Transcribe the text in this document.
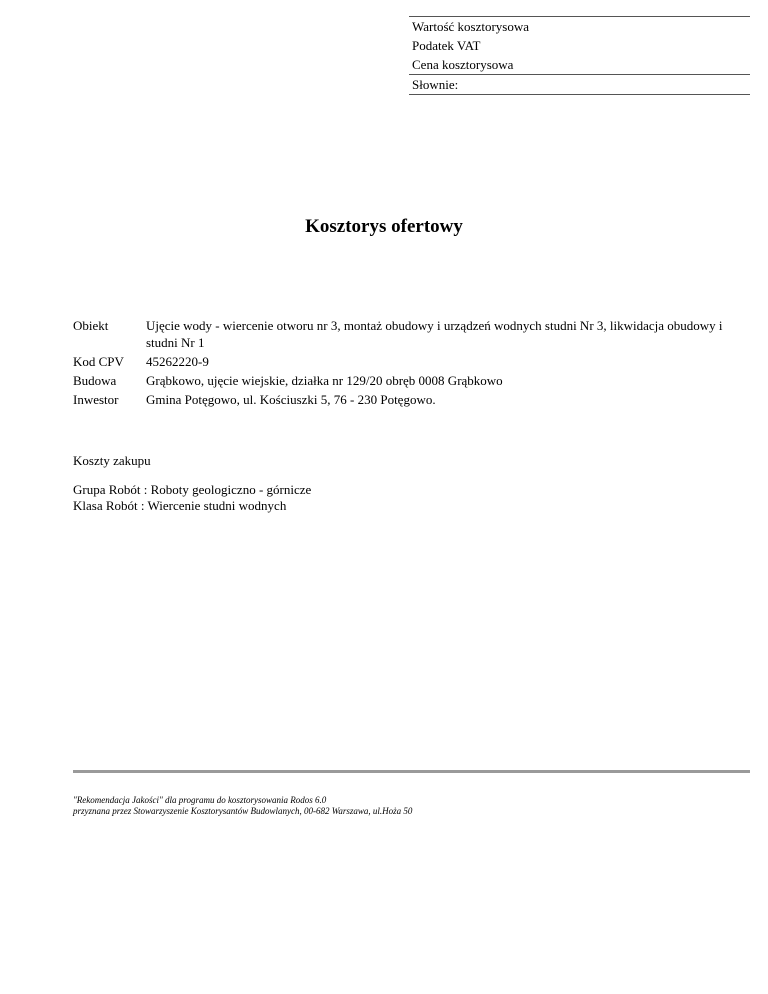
Wartość kosztorysowa
Podatek VAT
Cena kosztorysowa
Słownie:
Kosztorys ofertowy
Obiekt	Ujęcie wody - wiercenie otworu nr 3, montaż obudowy i urządzeń wodnych studni Nr 3, likwidacja obudowy i studni Nr 1
Kod CPV	45262220-9
Budowa	Grąbkowo, ujęcie wiejskie, działka nr 129/20 obręb 0008 Grąbkowo
Inwestor	Gmina Potęgowo, ul. Kościuszki 5, 76 - 230 Potęgowo.
Koszty zakupu
Grupa Robót : Roboty geologiczno - górnicze
Klasa Robót : Wiercenie studni wodnych
"Rekomendacja Jakości" dla programu do kosztorysowania Rodos 6.0
przyznana przez Stowarzyszenie Kosztorysantów Budowlanych, 00-682 Warszawa, ul.Hoża 50
